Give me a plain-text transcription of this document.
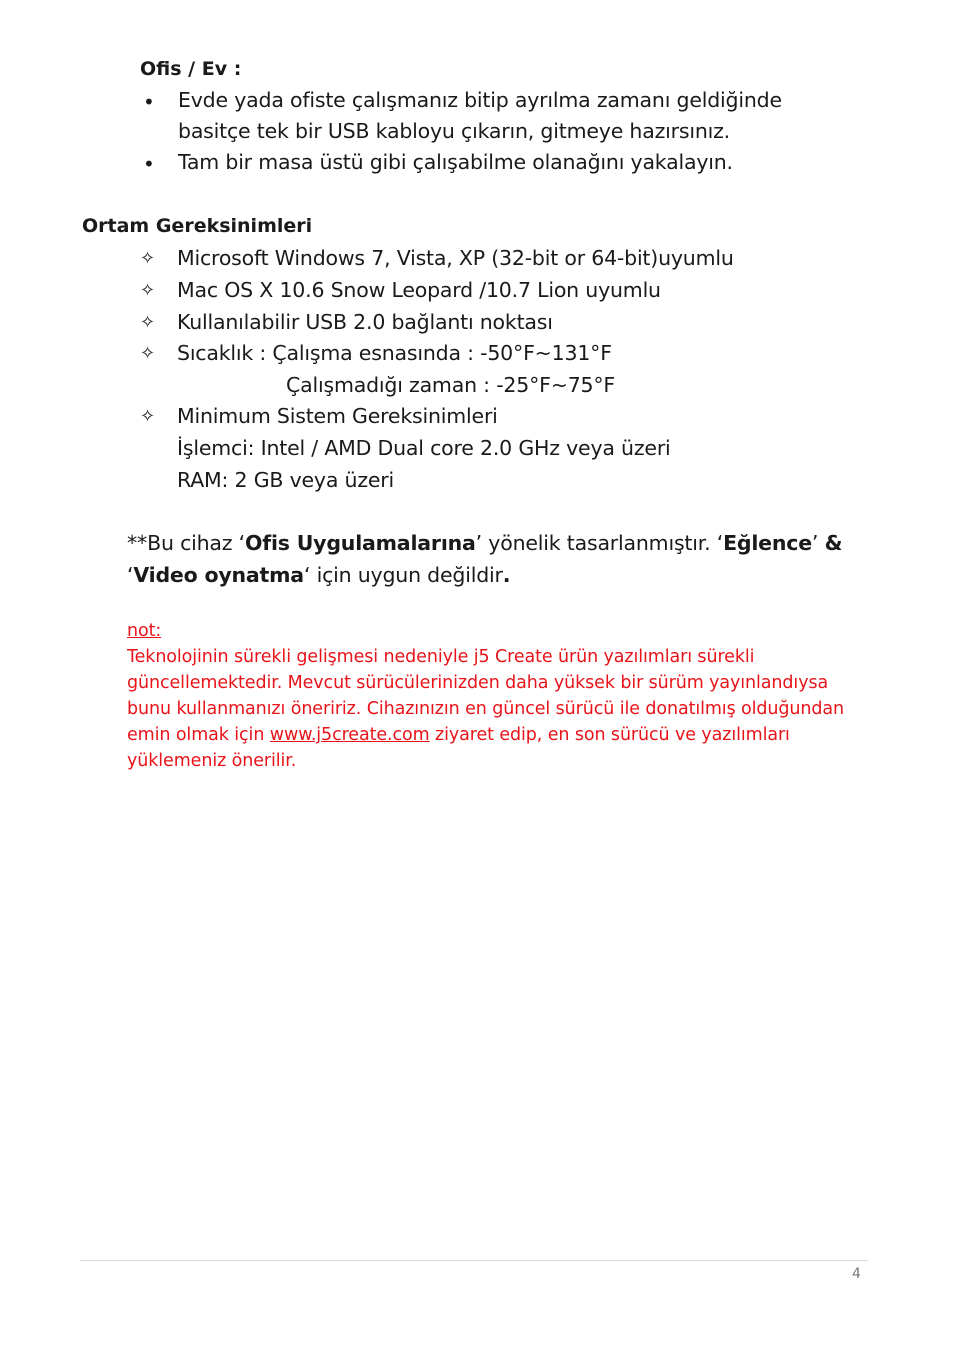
Ofis / Ev :
• Evde yada ofiste çalışmanız bitip ayrılma zamanı geldiğinde
basitçe tek bir USB kabloyu çıkarın, gitmeye hazırsınız.
• Tam bir masa üstü gibi çalışabilme olanağını yakalayın.
Ortam Gereksinimleri
✧ Microsoft Windows 7, Vista, XP (32-bit or 64-bit)uyumlu
✧ Mac OS X 10.6 Snow Leopard /10.7 Lion uyumlu
✧ Kullanılabilir USB 2.0 bağlantı noktası
✧ Sıcaklık : Çalışma esnasında : -50°F~131°F
Çalışmadığı zaman : -25°F~75°F
✧ Minimum Sistem Gereksinimleri
İşlemci: Intel / AMD Dual core 2.0 GHz veya üzeri
RAM: 2 GB veya üzeri
**Bu cihaz ‘Ofis Uygulamalarına’ yönelik tasarlanmıştır. ‘Eğlence’ &
‘Video oynatma‘ için uygun değildir.
not:
Teknolojinin sürekli gelişmesi nedeniyle j5 Create ürün yazılımları sürekli
güncellemektedir. Mevcut sürücülerinizden daha yüksek bir sürüm yayınlandıysa
bunu kullanmanızı öneririz. Cihazınızın en güncel sürücü ile donatılmış olduğundan
emin olmak için www.j5create.com ziyaret edip, en son sürücü ve yazılımları
yüklemeniz önerilir.
4
